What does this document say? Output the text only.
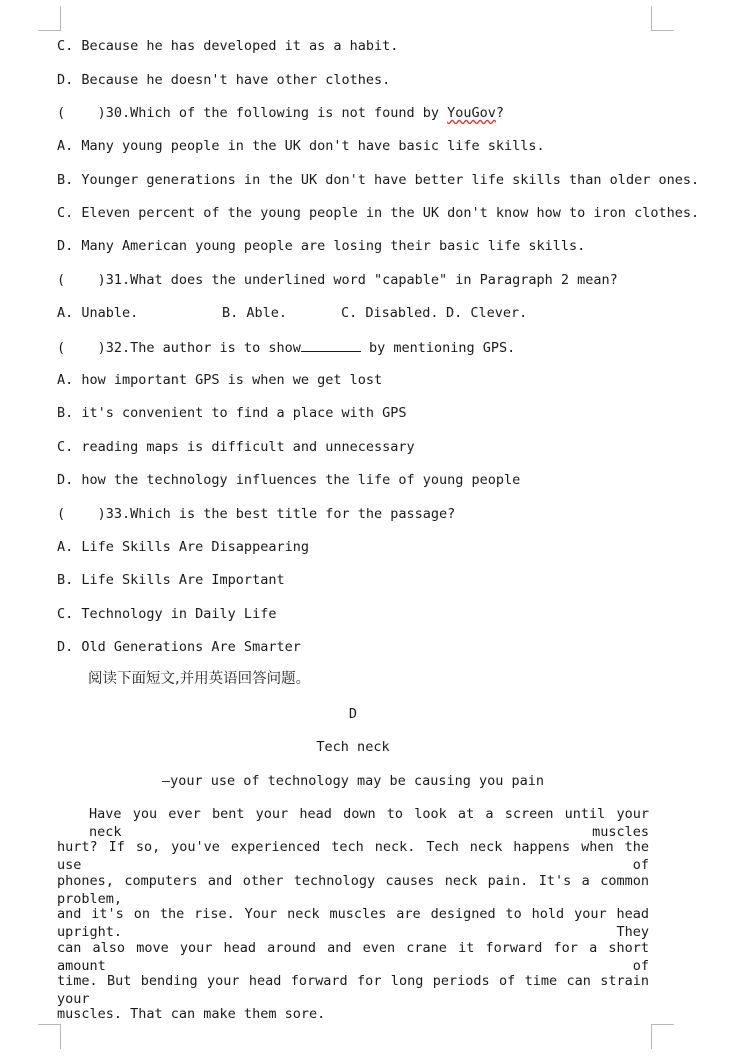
C. Because he has developed it as a habit.
D. Because he doesn't have other clothes.
(    )30.Which of the following is not found by YouGov?
A. Many young people in the UK don't have basic life skills.
B. Younger generations in the UK don't have better life skills than older ones.
C. Eleven percent of the young people in the UK don't know how to iron clothes.
D. Many American young people are losing their basic life skills.
(    )31.What does the underlined word "capable" in Paragraph 2 mean?
A. Unable.	B. Able.	C. Disabled. D. Clever.
(    )32.The author is to show	by mentioning GPS.
A. how important GPS is when we get lost
B. it's convenient to find a place with GPS
C. reading maps is difficult and unnecessary
D. how the technology influences the life of young people
(    )33.Which is the best title for the passage?
A. Life Skills Are Disappearing
B. Life Skills Are Important
C. Technology in Daily Life
D. Old Generations Are Smarter
阅读下面短文,并用英语回答问题。
D
Tech neck
—your use of technology may be causing you pain
Have you ever bent your head down to look at a screen until your neck muscles
hurt? If so, you've experienced tech neck. Tech neck happens when the use of
phones, computers and other technology causes neck pain. It's a common problem,
and it's on the rise. Your neck muscles are designed to hold your head upright. They
can also move your head around and even crane it forward for a short amount of
time. But bending your head forward for long periods of time can strain your
muscles. That can make them sore.
